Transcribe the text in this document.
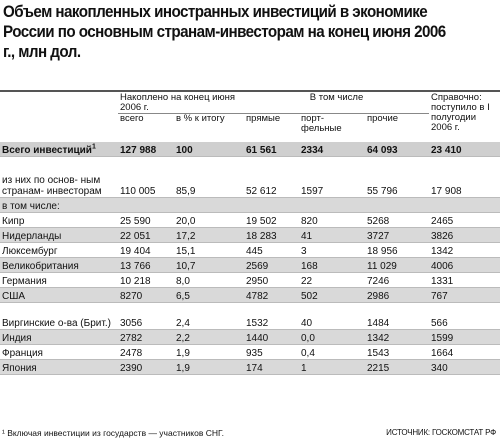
Объем накопленных иностранных инвестиций в экономике России по основным странам-инвесторам на конец июня 2006 г., млн дол.
	Накоплено на конец июня 2006 г.		В том числе			Справочно: поступило в I полугодии 2006 г.
	всего	в % к итогу	прямые	порт- фельные	прочие	
Всего инвестиций$^1$	127 988	100	61 561	2334	64 093	23 410
из них по основ- ным странам- инвесторам	110 005	85,9	52 612	1597	55 796	17 908
в том числе:						
Кипр	25 590	20,0	19 502	820	5268	2465
Нидерланды	22 051	17,2	18 283	41	3727	3826
Люксембург	19 404	15,1	445	3	18 956	1342
Великобритания	13 766	10,7	2569	168	11 029	4006
Германия	10 218	8,0	2950	22	7246	1331
США	8270	6,5	4782	502	2986	767
Виргинские о-ва (Брит.)	3056	2,4	1532	40	1484	566
Индия	2782	2,2	1440	0,0	1342	1599
Франция	2478	1,9	935	0,4	1543	1664
Япония	2390	1,9	174	1	2215	340
¹ Включая инвестиции из государств — участников СНГ.	ИСТОЧНИК: ГОСКОМСТАТ РФ
